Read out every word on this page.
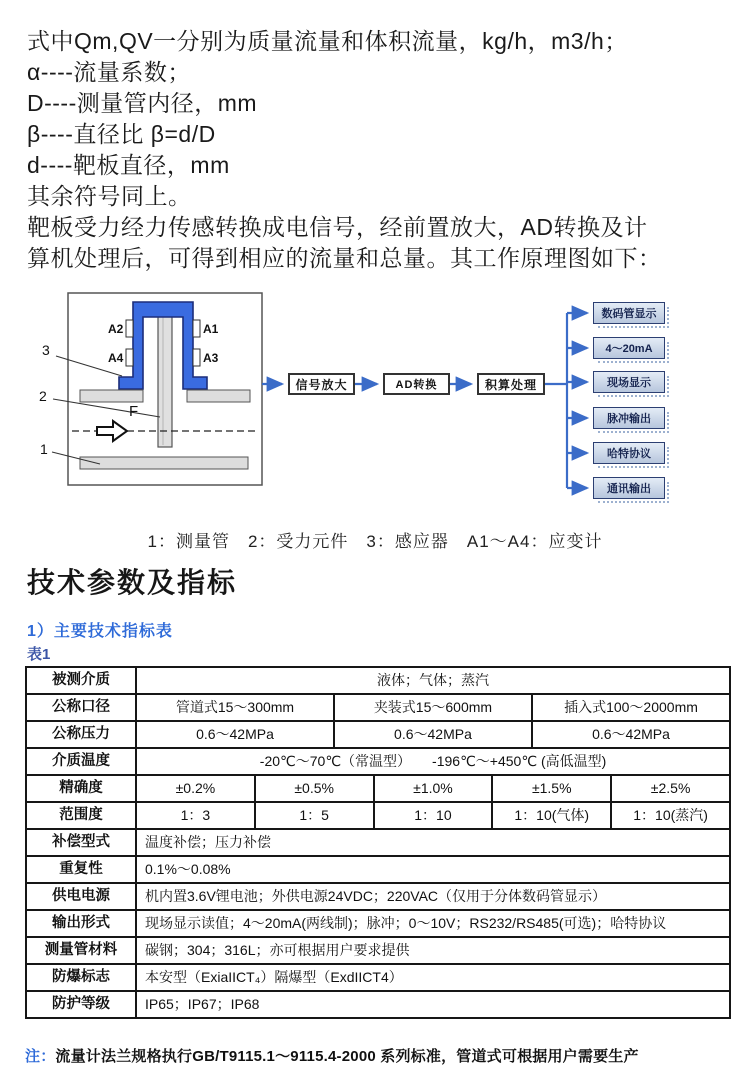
式中Qm,QV一分别为质量流量和体积流量，kg/h，m3/h；
α----流量系数；
D----测量管内径，mm
β----直径比 β=d/D
d----靶板直径，mm
其余符号同上。
靶板受力经力传感转换成电信号，经前置放大，AD转换及计
算机处理后，可得到相应的流量和总量。其工作原理图如下：
3
2
1
F
A2
A4
A1
A3
信号放大	AD转换	积算处理
数码管显示
4～20mA
现场显示
脉冲输出
哈特协议
通讯输出
1：测量管　2：受力元件　3：感应器　A1～A4：应变计
技术参数及指标
1）主要技术指标表
表1
被测介质	液体；气体；蒸汽						
公称口径	管道式15～300mm		夹装式15～600mm			插入式100～2000mm	
公称压力	0.6～42MPa		0.6～42MPa			0.6～42MPa	
介质温度	-20℃～70℃（常温型）　　-196℃～+450℃ (高低温型)						
精确度	±0.2%	±0.5%		±1.0%	±1.5%		±2.5%
范围度	1：3	1：5		1：10	1：10(气体)		1：10(蒸汽)
补偿型式	温度补偿；压力补偿						
重复性	0.1%～0.08%						
供电电源	机内置3.6V锂电池；外供电源24VDC；220VAC（仅用于分体数码管显示）						
输出形式	现场显示读值；4～20mA(两线制)；脉冲；0～10V；RS232/RS485(可选)；哈特协议						
测量管材料	碳钢；304；316L；亦可根据用户要求提供						
防爆标志	本安型（ExiaIICT₄）隔爆型（ExdIICT4）						
防护等级	IP65；IP67；IP68						
注：流量计法兰规格执行GB/T9115.1～9115.4-2000 系列标准，管道式可根据用户需要生产
